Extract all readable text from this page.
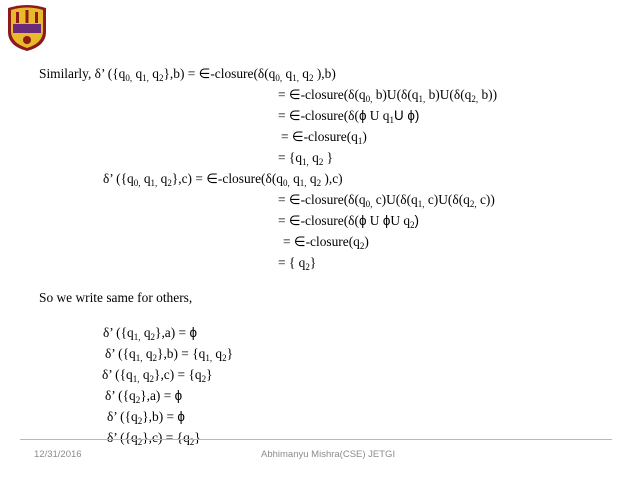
Similarly, δ’ ({$q_{0,}$ $q_{1,}$ $q_2\},b$) = $\in-closure(\delta(q_{0,}$ $q_{1,}$ $q_2$ ),b)
= $\in-closure(\delta(q_{0,}$ $b)U(\delta(q_{1,}$ $b)U(\delta(q_{2,}$ b))
= ∈-closure(δ(ϕ U $q_1U$ ϕ)
= $\in-closure(q_1)$
= {$q_{1,}$ $q_2$ }
δ’ ({$q_{0,}$ $q_{1,}$ $q_2\},c$) = $\in-closure(\delta(q_{0,}$ $q_{1,}$ $q_2$ ),c)
= $\in-closure(\delta(q_{0,}$ $c)U(\delta(q_{1,}$ $c)U(\delta(q_{2,}$ c))
= ∈-closure(δ(ϕ U ϕU $q_2$)
= $\in-closure(q_2)$
= { $q_2$}
So we write same for others,
δ’ ({$q_{1,}$ $q_2\},a) = \phi$
δ’ ({$q_{1,}$ $q_2\},b) = \{q_{1,}$ $q_2$}
δ’ ({$q_{1,}$ $q_2\},c) = \{q_2\}$
δ’ $(\{q_2\},a) = \phi$
δ’ $(\{q_2\},b) = \phi$
δ’ $(\{q_2\},c) = \{q_2\}$
12/31/2016	Abhimanyu Mishra(CSE) JETGI
